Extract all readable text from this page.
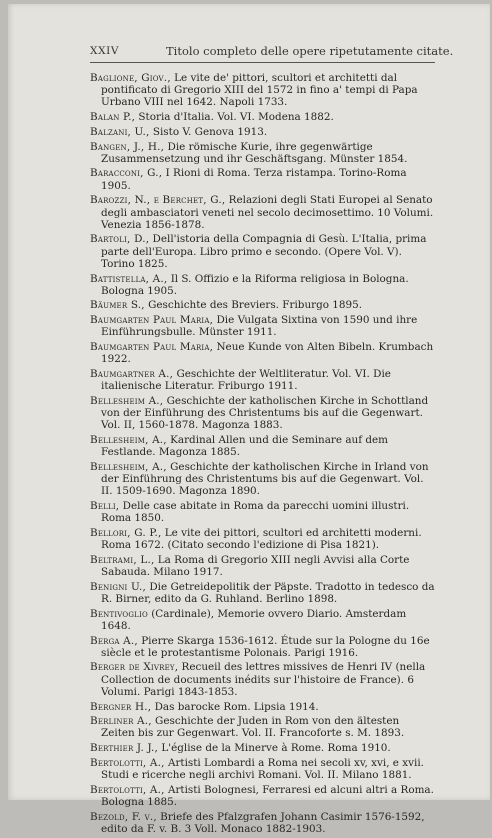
XXIV	Titolo completo delle opere ripetutamente citate.

Baglione, Giov., Le vite de' pittori, scultori et architetti dal pontificato di Gregorio XIII del 1572 in fino a' tempi di Papa Urbano VIII nel 1642. Napoli 1733.

Balan P., Storia d'Italia. Vol. VI. Modena 1882.

Balzani, U., Sisto V. Genova 1913.

Bangen, J., H., Die römische Kurie, ihre gegenwärtige Zusammensetzung und ihr Geschäftsgang. Münster 1854.

Baracconi, G., I Rioni di Roma. Terza ristampa. Torino-Roma 1905.

Barozzi, N., e Berchet, G., Relazioni degli Stati Europei al Senato degli ambasciatori veneti nel secolo decimosettimo. 10 Volumi. Venezia 1856-1878.

Bartoli, D., Dell'istoria della Compagnia di Gesù. L'Italia, prima parte dell'Europa. Libro primo e secondo. (Opere Vol. V). Torino 1825.

Battistella, A., Il S. Offizio e la Riforma religiosa in Bologna. Bologna 1905.

Bäumer S., Geschichte des Breviers. Friburgo 1895.

Baumgarten Paul Maria, Die Vulgata Sixtina von 1590 und ihre Einführungsbulle. Münster 1911.

Baumgarten Paul Maria, Neue Kunde von Alten Bibeln. Krumbach 1922.

Baumgartner A., Geschichte der Weltliteratur. Vol. VI. Die italienische Literatur. Friburgo 1911.

Bellesheim A., Geschichte der katholischen Kirche in Schottland von der Einführung des Christentums bis auf die Gegenwart. Vol. II, 1560-1878. Magonza 1883.

Bellesheim, A., Kardinal Allen und die Seminare auf dem Festlande. Magonza 1885.

Bellesheim, A., Geschichte der katholischen Kirche in Irland von der Einführung des Christentums bis auf die Gegenwart. Vol. II. 1509-1690. Magonza 1890.

Belli, Delle case abitate in Roma da parecchi uomini illustri. Roma 1850.

Bellori, G. P., Le vite dei pittori, scultori ed architetti moderni. Roma 1672. (Citato secondo l'edizione di Pisa 1821).

Beltrami, L., La Roma di Gregorio XIII negli Avvisi alla Corte Sabauda. Milano 1917.

Benigni U., Die Getreidepolitik der Päpste. Tradotto in tedesco da R. Birner, edito da G. Ruhland. Berlino 1898.

Bentivoglio (Cardinale), Memorie ovvero Diario. Amsterdam 1648.

Berga A., Pierre Skarga 1536-1612. Étude sur la Pologne du 16e siècle et le protestantisme Polonais. Parigi 1916.

Berger de Xivrey, Recueil des lettres missives de Henri IV (nella Collection de documents inédits sur l'histoire de France). 6 Volumi. Parigi 1843-1853.

Bergner H., Das barocke Rom. Lipsia 1914.

Berliner A., Geschichte der Juden in Rom von den ältesten Zeiten bis zur Gegenwart. Vol. II. Francoforte s. M. 1893.

Berthier J. J., L'église de la Minerve à Rome. Roma 1910.

Bertolotti, A., Artisti Lombardi a Roma nei secoli xv, xvi, e xvii. Studi e ricerche negli archivi Romani. Vol. II. Milano 1881.

Bertolotti, A., Artisti Bolognesi, Ferraresi ed alcuni altri a Roma. Bologna 1885.

Bezold, F. v., Briefe des Pfalzgrafen Johann Casimir 1576-1592, edito da F. v. B. 3 Voll. Monaco 1882-1903.
